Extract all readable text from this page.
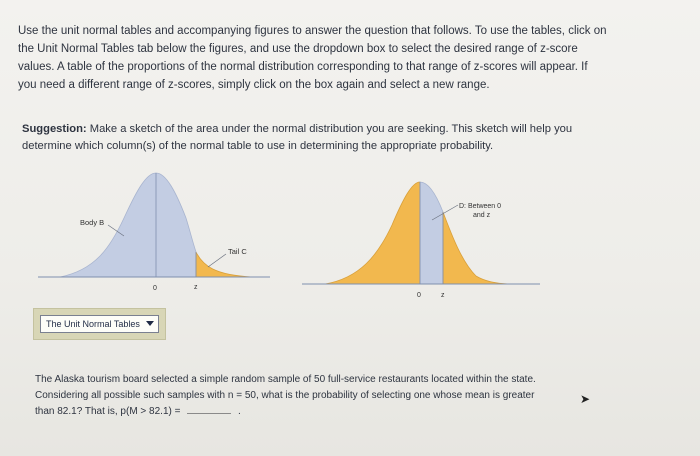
Use the unit normal tables and accompanying figures to answer the question that follows. To use the tables, click on
the Unit Normal Tables tab below the figures, and use the dropdown box to select the desired range of z-score
values. A table of the proportions of the normal distribution corresponding to that range of z-scores will appear. If
you need a different range of z-scores, simply click on the box again and select a new range.
Suggestion: Make a sketch of the area under the normal distribution you are seeking. This sketch will help you
determine which column(s) of the normal table to use in determining the appropriate probability.
Body B
Tail C
0	z
D: Between 0
and z
0	z
The Unit Normal Tables
The Alaska tourism board selected a simple random sample of 50 full-service restaurants located within the state.
Considering all possible such samples with n = 50, what is the probability of selecting one whose mean is greater
than 82.1? That is, p(M > 82.1) =	.
➤
